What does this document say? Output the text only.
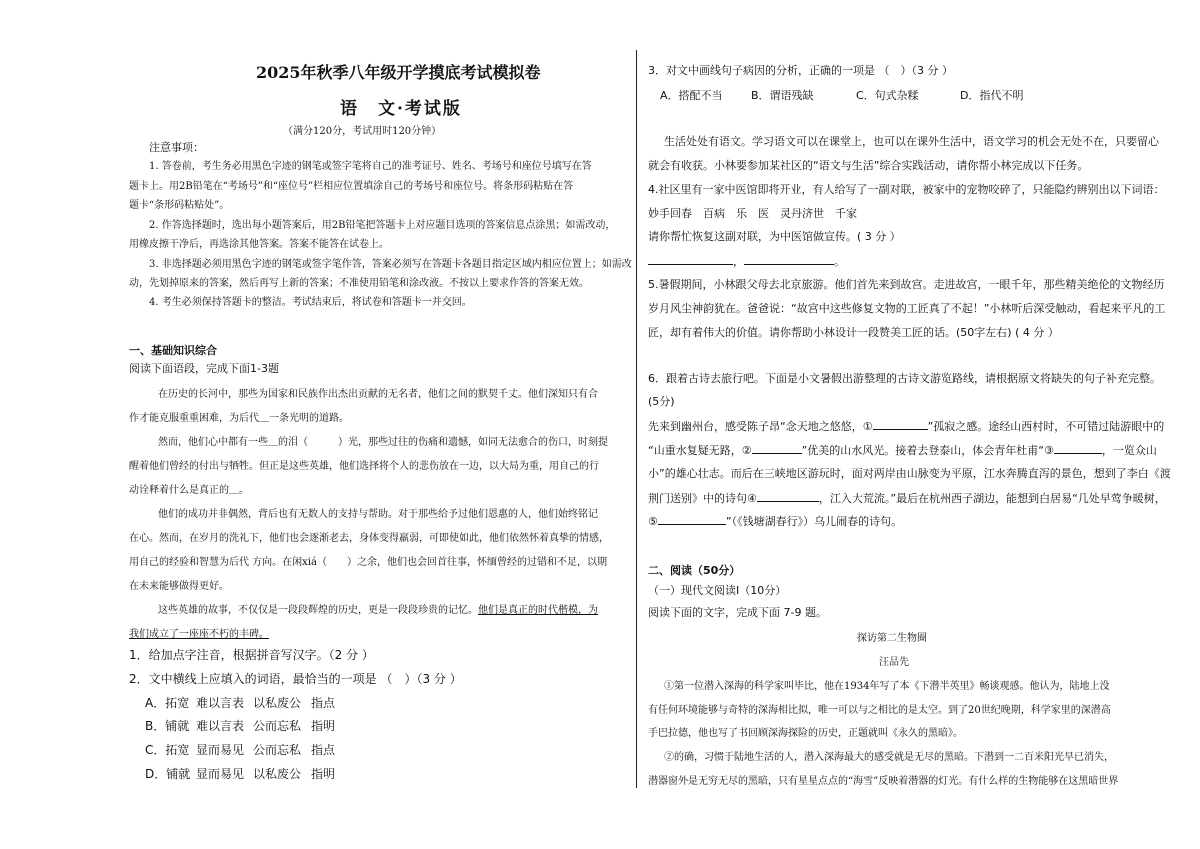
2025年秋季八年级开学摸底考试模拟卷
语　文·考试版
（满分120分，考试用时120分钟）
注意事项：
1. 答卷前，考生务必用黑色字迹的钢笔或签字笔将自己的准考证号、姓名、考场号和座位号填写在答
题卡上。用2B铅笔在“考场号”和“座位号”栏相应位置填涂自己的考场号和座位号。将条形码粘贴在答
题卡“条形码粘贴处”。
2. 作答选择题时，选出每小题答案后，用2B铅笔把答题卡上对应题目选项的答案信息点涂黑；如需改动，
用橡皮擦干净后，再选涂其他答案。答案不能答在试卷上。
3. 非选择题必须用黑色字迹的钢笔或签字笔作答，答案必须写在答题卡各题目指定区域内相应位置上；如需改
动，先划掉原来的答案，然后再写上新的答案；不准使用铅笔和涂改液。不按以上要求作答的答案无效。
4. 考生必须保持答题卡的整洁。考试结束后，将试卷和答题卡一并交回。
一、基础知识综合
阅读下面语段，完成下面1-3题
在历史的长河中，那些为国家和民族作出杰出贡献的无名者，他们之间的默契千丈。他们深知只有合
作才能克服重重困难，为后代＿一条光明的道路。
然而，他们心中都有一些＿的泪（　　　）光，那些过往的伤痛和遗憾，如同无法愈合的伤口，时刻提
醒着他们曾经的付出与牺牲。但正是这些英雄，他们选择将个人的悲伤放在一边，以大局为重，用自己的行
动诠释着什么是真正的＿。
他们的成功并非偶然，背后也有无数人的支持与帮助。对于那些给予过他们恩惠的人，他们始终铭记
在心。然而，在岁月的洗礼下，他们也会逐渐老去，身体变得羸弱，可即使如此，他们依然怀着真挚的情感，
用自己的经验和智慧为后代 方向。在闲xiá（　　）之余，他们也会回首往事，怀缅曾经的过错和不足，以期
在未来能够做得更好。
这些英雄的故事，不仅仅是一段段辉煌的历史，更是一段段珍贵的记忆。他们是真正的时代楷模，为
我们成立了一座座不朽的丰碑。
1．给加点字注音，根据拼音写汉字。（2 分 ）
2．文中横线上应填入的词语，最恰当的一项是 （　）（3 分 ）
A．拓宽 难以言表 以私废公 指点
B．铺就 难以言表 公而忘私 指明
C．拓宽 显而易见 公而忘私 指点
D．铺就 显而易见 以私废公 指明
3．对文中画线句子病因的分析，正确的一项是 （　）（3 分 ）
A．搭配不当	B．谓语残缺	C．句式杂糅	D．指代不明
生活处处有语文。学习语文可以在课堂上，也可以在课外生活中，语文学习的机会无处不在，只要留心
就会有收获。小林要参加某社区的“语文与生活”综合实践活动，请你帮小林完成以下任务。
4.社区里有一家中医馆即将开业，有人给写了一副对联，被家中的宠物咬碎了，只能隐约辨别出以下词语：
妙手回春　百病　乐　医　灵丹济世　千家
请你帮忙恢复这副对联，为中医馆做宣传。( 3 分 ）
，	。
5.暑假期间，小林跟父母去北京旅游。他们首先来到故宫。走进故宫，一眼千年，那些精美绝伦的文物经历
岁月风尘神韵犹在。爸爸说：“故宫中这些修复文物的工匠真了不起！”小林听后深受触动，看起来平凡的工
匠，却有着伟大的价值。请你帮助小林设计一段赞美工匠的话。(50字左右) ( 4 分 ）
6．跟着古诗去旅行吧。下面是小文暑假出游整理的古诗文游览路线，请根据原文将缺失的句子补充完整。
(5分)
先来到幽州台，感受陈子昂“念天地之悠悠，①	”孤寂之感。途经山西村时，不可错过陆游眼中的
“山重水复疑无路，②	”优美的山水风光。接着去登泰山，体会青年杜甫“③	，一览众山
小”的雄心壮志。而后在三峡地区游玩时，面对两岸由山脉变为平原，江水奔腾直泻的景色，想到了李白《渡
荆门送别》中的诗句④	，江入大荒流。”最后在杭州西子湖边，能想到白居易“几处早莺争暖树，
⑤	”（《钱塘湖春行》）乌儿闹春的诗句。
二、阅读（50分）
（一）现代文阅读Ⅰ（10分）
阅读下面的文字，完成下面 7-9 题。
探访第二生物圈
汪品先
①第一位潜入深海的科学家叫毕比，他在1934年写了本《下潜半英里》畅谈观感。他认为，陆地上没
有任何环境能够与奇特的深海相比拟，唯一可以与之相比的是太空。到了20世纪晚期，科学家里的深潜高
手巴拉德，他也写了书回顾深海探险的历史，正题就叫《永久的黑暗》。
②的确，习惯于陆地生活的人，潜入深海最大的感受就是无尽的黑暗。下潜到一二百米阳光早已消失，
潜器窗外是无穷无尽的黑暗，只有星星点点的“海雪”反映着潜器的灯光。有什么样的生物能够在这黑暗世界
